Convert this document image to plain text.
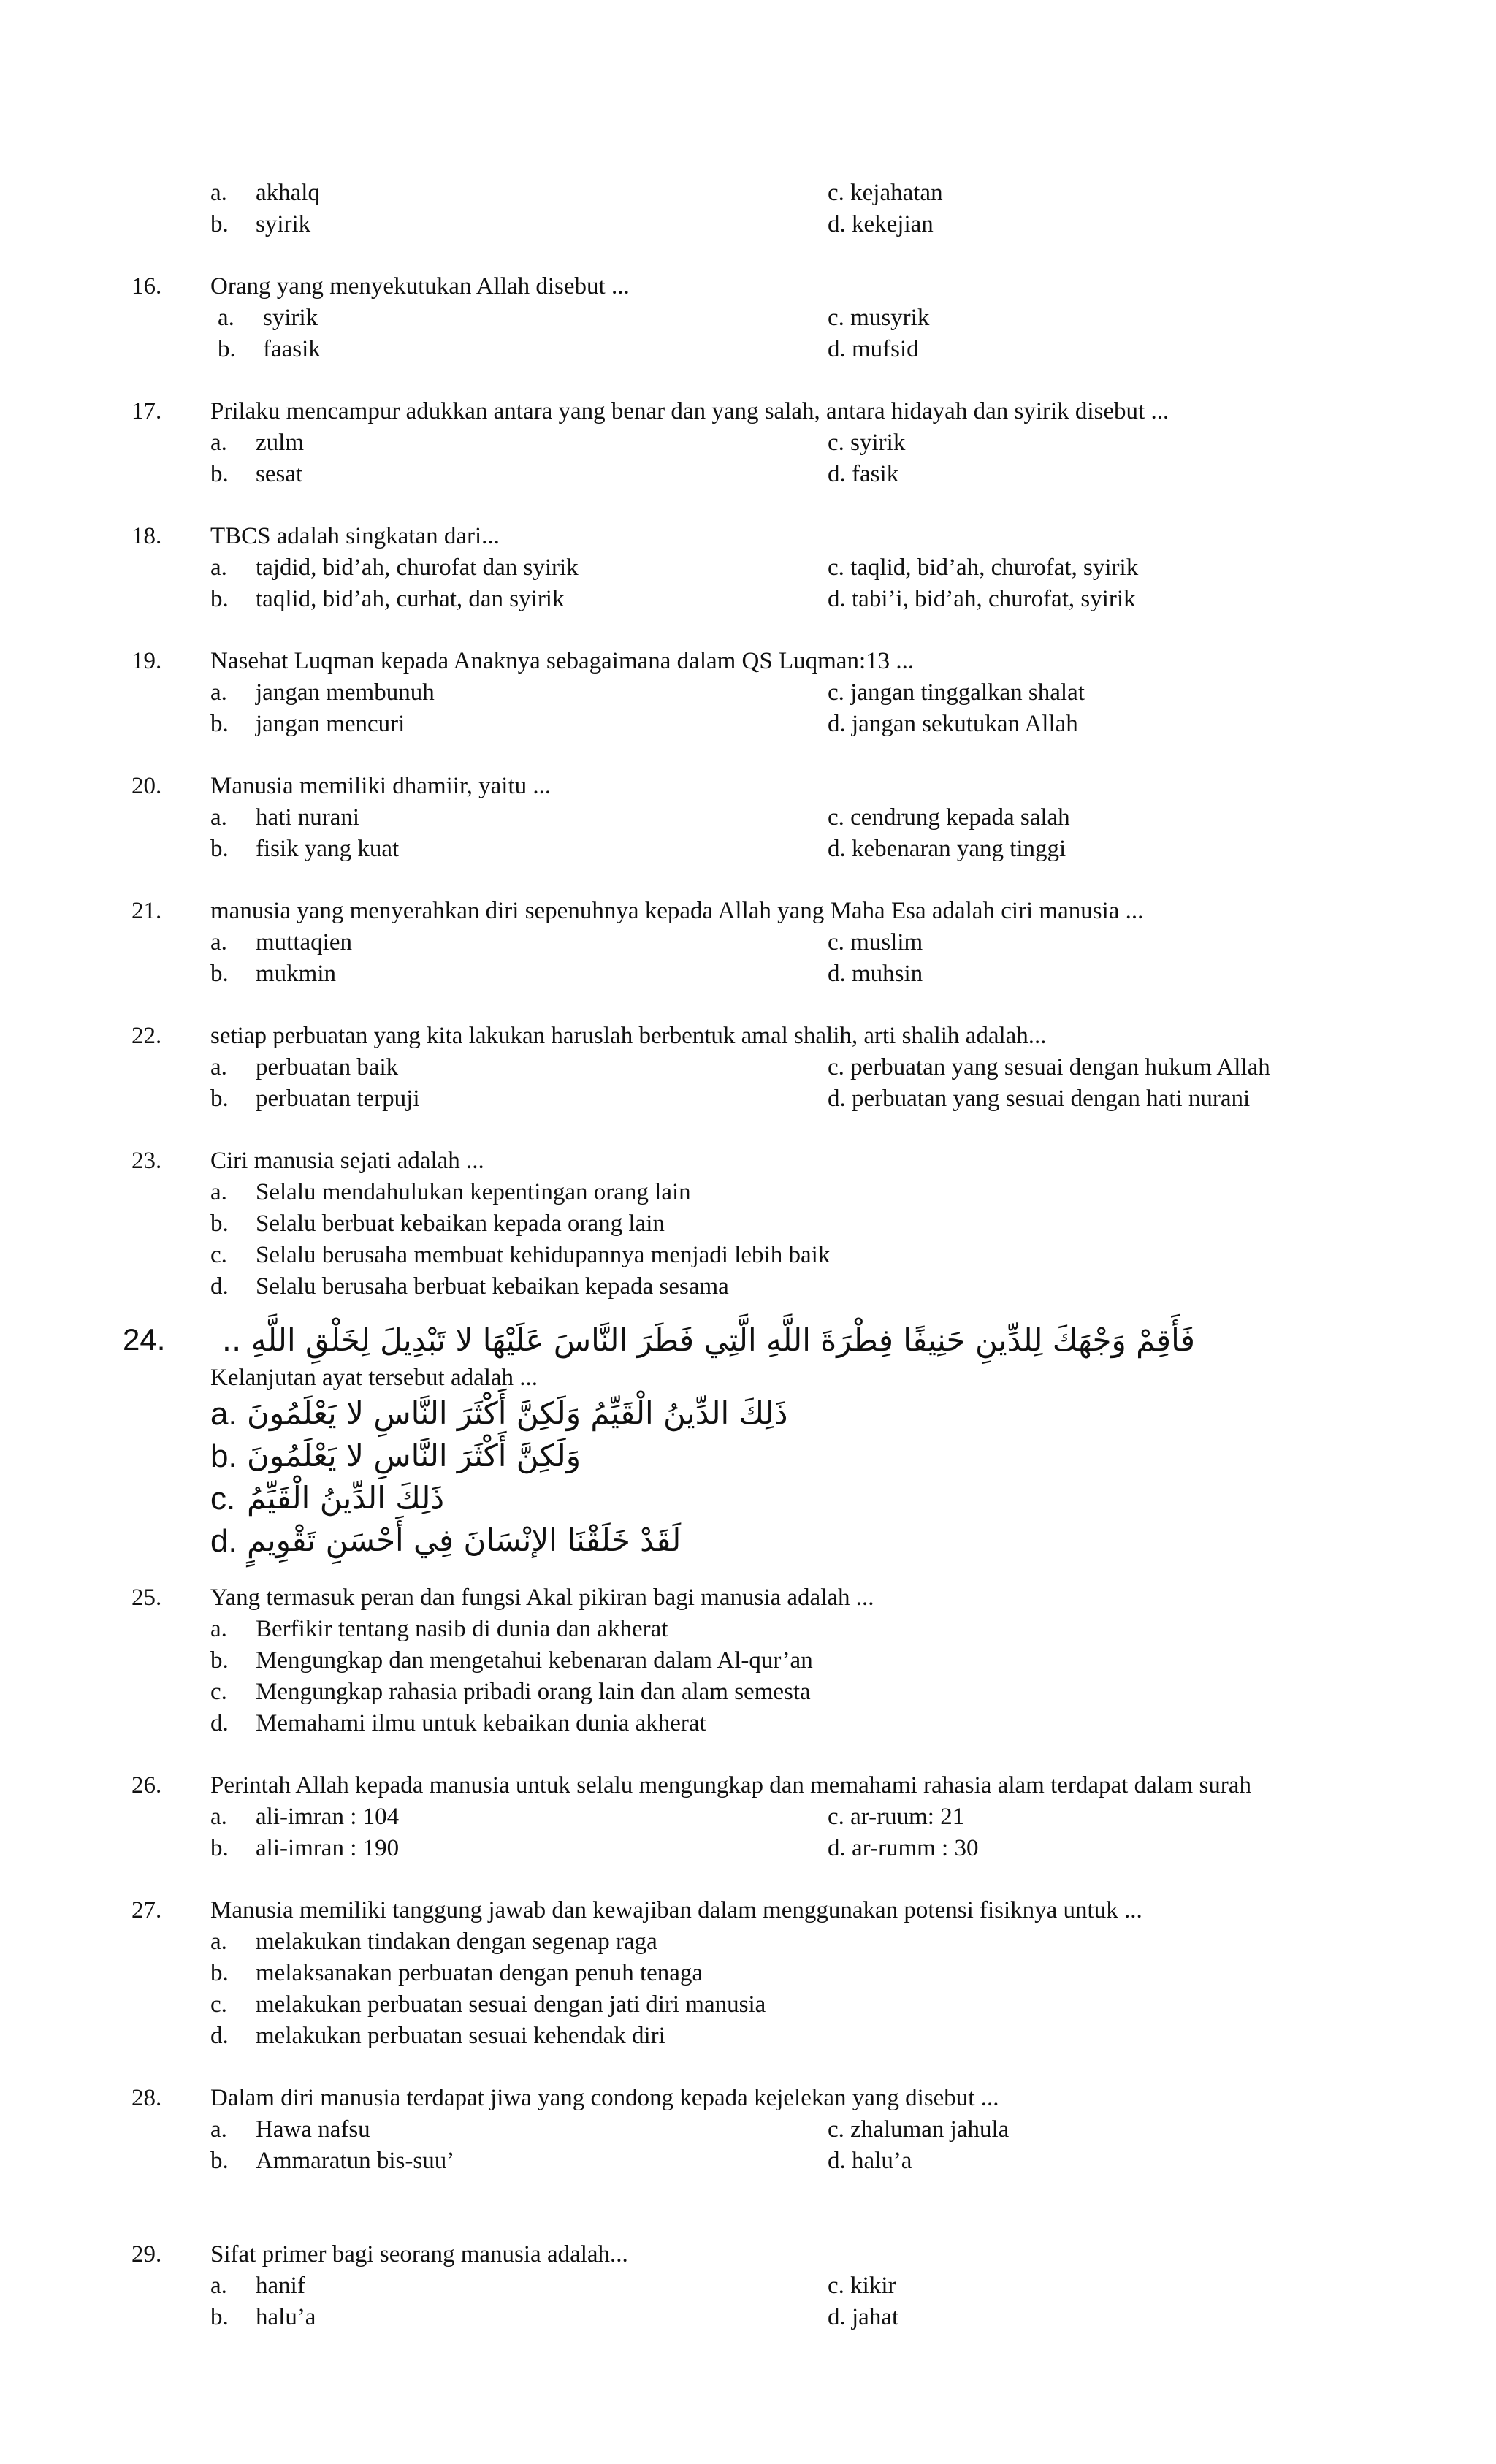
a. akhalq
b. syirik
c. kejahatan
d. kekejian
16. Orang yang menyekutukan Allah disebut ...
a. syirik
b. faasik
c. musyrik
d. mufsid
17. Prilaku mencampur adukkan antara yang benar dan yang salah, antara hidayah dan syirik disebut ...
a. zulm
b. sesat
c. syirik
d. fasik
18. TBCS adalah singkatan dari...
a. tajdid, bid’ah, churofat dan syirik
b. taqlid, bid’ah, curhat, dan syirik
c. taqlid, bid’ah, churofat, syirik
d. tabi’i, bid’ah, churofat, syirik
19. Nasehat Luqman kepada Anaknya sebagaimana dalam QS Luqman:13 ...
a. jangan membunuh
b. jangan mencuri
c. jangan tinggalkan shalat
d. jangan sekutukan Allah
20. Manusia memiliki dhamiir, yaitu ...
a. hati nurani
b. fisik yang kuat
c. cendrung kepada salah
d. kebenaran yang tinggi
21. manusia yang menyerahkan diri sepenuhnya kepada Allah yang Maha Esa adalah ciri manusia ...
a. muttaqien
b. mukmin
c. muslim
d. muhsin
22. setiap perbuatan yang kita lakukan haruslah berbentuk amal shalih, arti shalih adalah...
a. perbuatan baik
b. perbuatan terpuji
c. perbuatan yang sesuai dengan hukum Allah
d. perbuatan yang sesuai dengan hati nurani
23. Ciri manusia sejati adalah ...
a. Selalu mendahulukan kepentingan orang lain
b. Selalu berbuat kebaikan kepada orang lain
c. Selalu berusaha membuat kehidupannya menjadi lebih baik
d. Selalu berusaha berbuat kebaikan kepada sesama
24.	فَأَقِمْ وَجْهَكَ لِلدِّينِ حَنِيفًا فِطْرَةَ اللَّهِ الَّتِي فَطَرَ النَّاسَ عَلَيْهَا لا تَبْدِيلَ لِخَلْقِ اللَّهِ ..
Kelanjutan ayat tersebut adalah ...
a. ذَلِكَ الدِّينُ الْقَيِّمُ وَلَكِنَّ أَكْثَرَ النَّاسِ لا يَعْلَمُونَ
b. وَلَكِنَّ أَكْثَرَ النَّاسِ لا يَعْلَمُونَ
c. ذَلِكَ الدِّينُ الْقَيِّمُ
d. لَقَدْ خَلَقْنَا الإنْسَانَ فِي أَحْسَنِ تَقْوِيمٍ
25. Yang termasuk peran dan fungsi Akal pikiran bagi manusia adalah ...
a. Berfikir tentang nasib di dunia dan akherat
b. Mengungkap dan mengetahui kebenaran dalam Al-qur’an
c. Mengungkap rahasia pribadi orang lain dan alam semesta
d. Memahami ilmu untuk kebaikan dunia akherat
26. Perintah Allah kepada manusia untuk selalu mengungkap dan memahami rahasia alam terdapat dalam surah
a. ali-imran : 104
b. ali-imran : 190
c. ar-ruum: 21
d. ar-rumm : 30
27. Manusia memiliki tanggung jawab dan kewajiban dalam menggunakan potensi fisiknya untuk ...
a. melakukan tindakan dengan segenap raga
b. melaksanakan perbuatan dengan penuh tenaga
c. melakukan perbuatan sesuai dengan jati diri manusia
d. melakukan perbuatan sesuai kehendak diri
28. Dalam diri manusia terdapat jiwa yang condong kepada kejelekan yang disebut ...
a. Hawa nafsu
b. Ammaratun bis-suu’
c. zhaluman jahula
d. halu’a
29. Sifat primer bagi seorang manusia adalah...
a. hanif
b. halu’a
c. kikir
d. jahat
